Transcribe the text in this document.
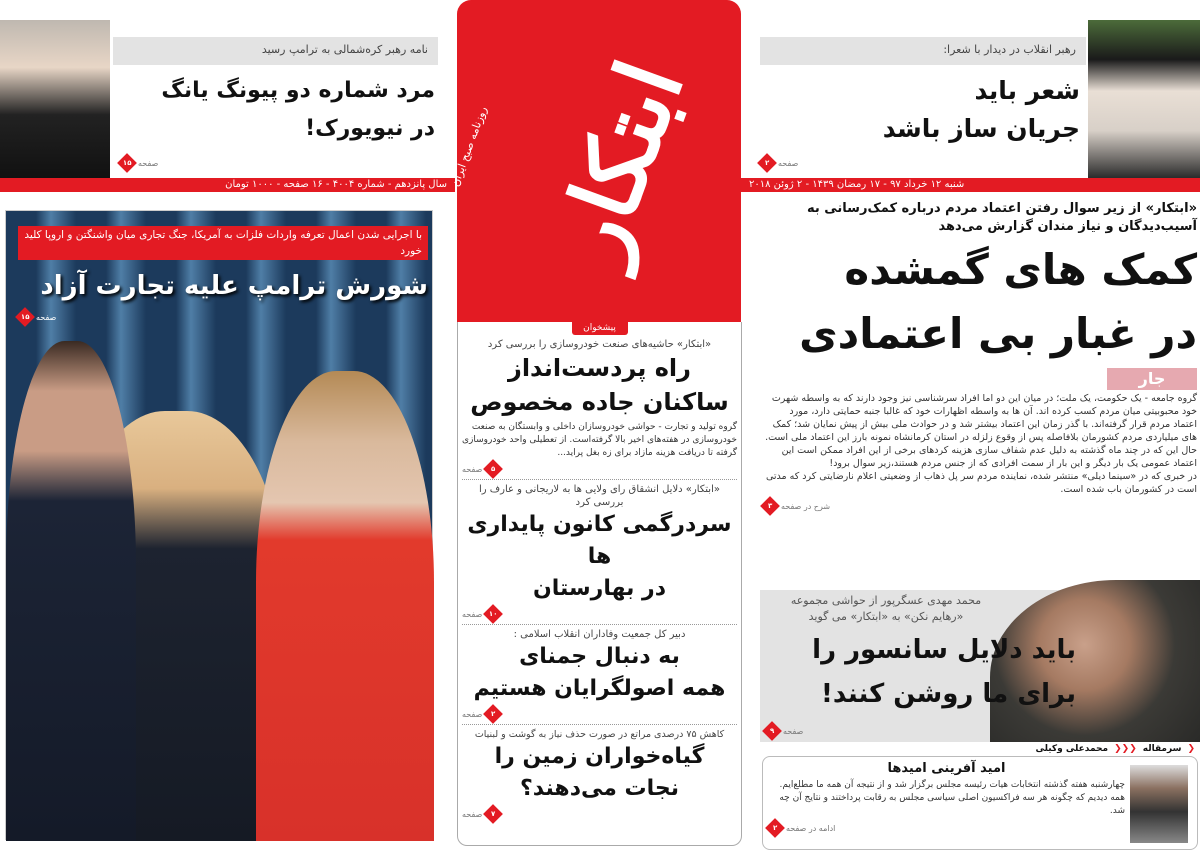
نامه رهبر کره‌شمالی به ترامپ رسید
مرد شماره دو پیونگ یانگ
در نیویورک!
صفحه
۱۵
سال پانزدهم - شماره ۴۰۰۴ - ۱۶ صفحه - ۱۰۰۰ تومان ابتکار
روزنامه صبح ایران
رهبر انقلاب در دیدار با شعرا:
شعر باید
جریان ساز باشد
صفحه
۲
شنبه ۱۲ خرداد ۹۷ - ۱۷ رمضان ۱۴۳۹ - ۲ ژوئن ۲۰۱۸
«ابتکار» از زیر سوال رفتن اعتماد مردم درباره کمک‌رسانی به آسیب‌دیدگان و نیاز مندان گزارش می‌دهد
کمک های گمشده
در غبار بی اعتمادی
جار

گروه جامعه - یک حکومت، یک ملت؛ در میان این دو اما افراد سرشناسی نیز وجود دارند که به واسطه شهرت خود محبوبیتی میان مردم کسب کرده اند. آن ها به واسطه اظهارات خود که غالبا جنبه حمایتی دارد، مورد اعتماد مردم قرار گرفته‌اند. با گذر زمان این اعتماد بیشتر شد و در حوادث ملی بیش از پیش نمایان شد؛ کمک های میلیاردی مردم کشورمان بلافاصله پس از وقوع زلزله در استان کرمانشاه نمونه بارز این اعتماد ملی است. حال این که در چند ماه گذشته به دلیل عدم شفاف سازی هزینه کردهای برخی از این افراد ممکن است این اعتماد عمومی یک بار دیگر و این بار از سمت افرادی که از جنس مردم هستند،زیر سوال برود!

در خبری که در «سینما دیلی» منتشر شده، نماینده مردم سر پل ذهاب از وضعیتی اعلام نارضایتی کرد که مدتی است در کشورمان باب شده است.

شرح در صفحه
۳
محمد مهدی عسگرپور از حواشی مجموعه
«رهایم نکن» به «ابتکار» می گوید
باید دلایل سانسور را
برای ما روشن کنند!
صفحه
۹
❮
سرمقاله
❮❮❮
محمدعلی وکیلی
امید آفرینی امیدها
چهارشنبه هفته گذشته انتخابات هیات رئیسه مجلس برگزار شد و از نتیجه آن همه ما مطلع‌ایم. همه دیدیم که چگونه هر سه فراکسیون اصلی سیاسی مجلس به رقابت پرداختند و نتایج آن چه شد.
ادامه در صفحه
۲
با اجرایی شدن اعمال تعرفه واردات فلزات به آمریکا، جنگ تجاری میان واشنگتن و اروپا کلید خورد
شورش ترامپ علیه تجارت آزاد
صفحه
۱۵
پیشخوان
«ابتکار» حاشیه‌های صنعت خودروسازی را بررسی کرد
راه پردست‌انداز
ساکنان جاده مخصوص
گروه تولید و تجارت - حواشی خودروسازان داخلی و وابستگان به صنعت خودروسازی در هفته‌های اخیر بالا گرفته‌است. از تعطیلی واحد خودروسازی گرفته تا دریافت هزینه مازاد برای زه بغل پراید...
صفحه ۵
«ابتکار» دلایل انشقاق رای ولایی ها به لاریجانی و عارف را بررسی کرد
سردرگمی کانون پایداری ها
در بهارستان
صفحه ۱۰
دبیر کل جمعیت وفاداران انقلاب اسلامی :
به دنبال جمنای
همه اصولگرایان هستیم
صفحه ۲
کاهش ۷۵ درصدی مراتع در صورت حذف نیاز به گوشت و لبنیات
گیاه‌خواران زمین را
نجات می‌دهند؟
صفحه ۷
